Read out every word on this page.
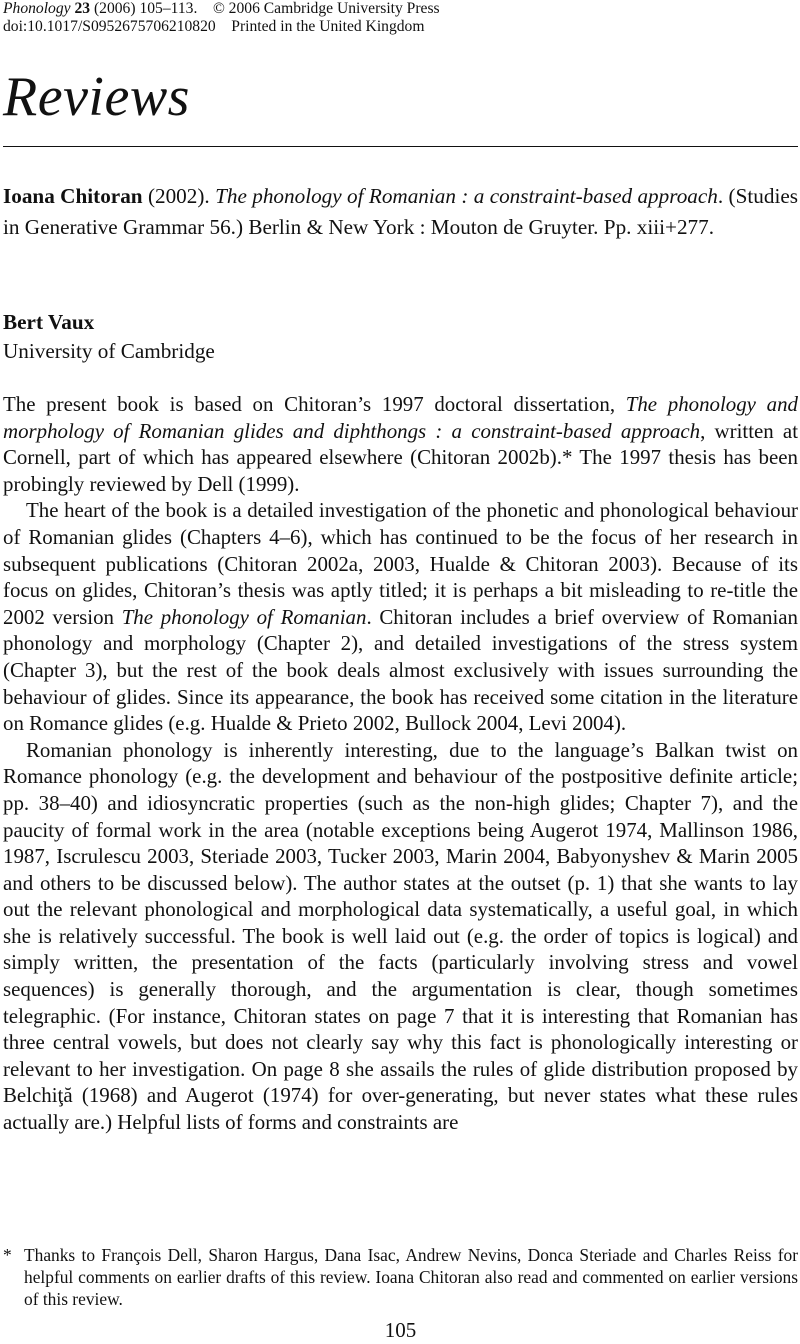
Phonology 23 (2006) 105–113. © 2006 Cambridge University Press
doi:10.1017/S0952675706210820 Printed in the United Kingdom
Reviews
Ioana Chitoran (2002). The phonology of Romanian : a constraint-based approach. (Studies in Generative Grammar 56.) Berlin & New York : Mouton de Gruyter. Pp. xiii+277.
Bert Vaux
University of Cambridge

The present book is based on Chitoran’s 1997 doctoral dissertation, The phonology and morphology of Romanian glides and diphthongs : a constraint-based approach, written at Cornell, part of which has appeared elsewhere (Chitoran 2002b).* The 1997 thesis has been probingly reviewed by Dell (1999).

The heart of the book is a detailed investigation of the phonetic and phonological behaviour of Romanian glides (Chapters 4–6), which has continued to be the focus of her research in subsequent publications (Chitoran 2002a, 2003, Hualde & Chitoran 2003). Because of its focus on glides, Chitoran’s thesis was aptly titled; it is perhaps a bit misleading to re-title the 2002 version The phonology of Romanian. Chitoran includes a brief overview of Romanian phonology and morphology (Chapter 2), and detailed investigations of the stress system (Chapter 3), but the rest of the book deals almost exclusively with issues surrounding the behaviour of glides. Since its appearance, the book has received some citation in the literature on Romance glides (e.g. Hualde & Prieto 2002, Bullock 2004, Levi 2004).

Romanian phonology is inherently interesting, due to the language’s Balkan twist on Romance phonology (e.g. the development and behaviour of the postpositive definite article; pp. 38–40) and idiosyncratic properties (such as the non-high glides; Chapter 7), and the paucity of formal work in the area (notable exceptions being Augerot 1974, Mallinson 1986, 1987, Iscrulescu 2003, Steriade 2003, Tucker 2003, Marin 2004, Babyonyshev & Marin 2005 and others to be discussed below). The author states at the outset (p. 1) that she wants to lay out the relevant phonological and morphological data systematically, a useful goal, in which she is relatively successful. The book is well laid out (e.g. the order of topics is logical) and simply written, the presentation of the facts (particularly involving stress and vowel sequences) is generally thorough, and the argumentation is clear, though sometimes telegraphic. (For instance, Chitoran states on page 7 that it is interesting that Romanian has three central vowels, but does not clearly say why this fact is phonologically interesting or relevant to her investigation. On page 8 she assails the rules of glide distribution proposed by Belchiţă (1968) and Augerot (1974) for over-generating, but never states what these rules actually are.) Helpful lists of forms and constraints are

* Thanks to François Dell, Sharon Hargus, Dana Isac, Andrew Nevins, Donca Steriade and Charles Reiss for helpful comments on earlier drafts of this review. Ioana Chitoran also read and commented on earlier versions of this review.
105
